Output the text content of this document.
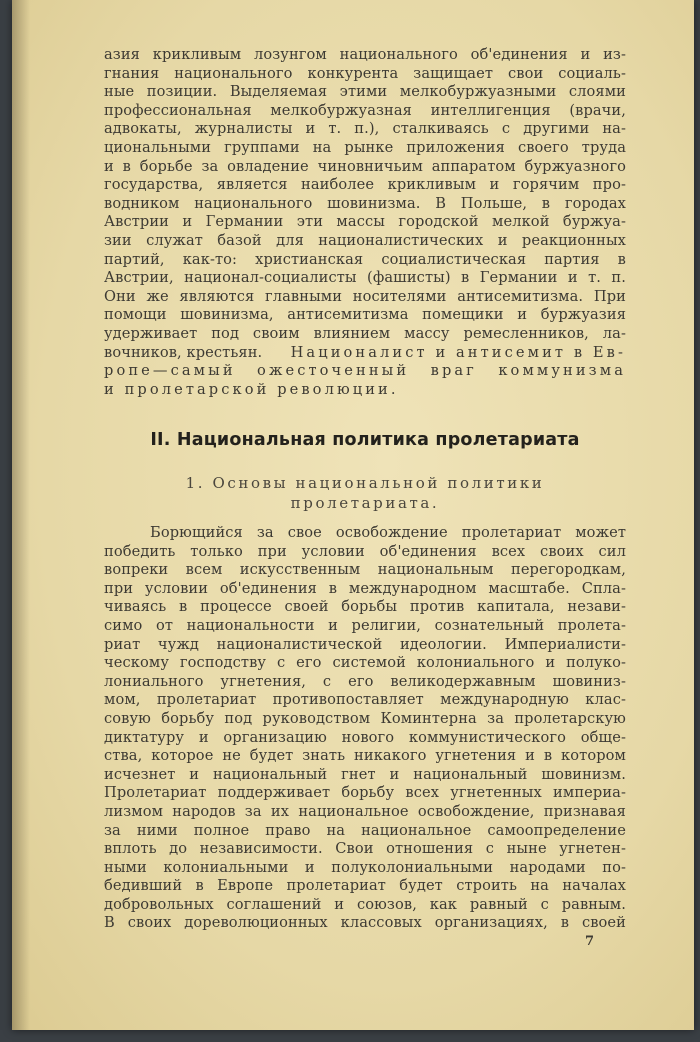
азия крикливым лозунгом национального об'единения и из-
гнания национального конкурента защищает свои социаль-
ные позиции. Выделяемая этими мелкобуржуазными слоями
профессиональная мелкобуржуазная интеллигенция (врачи,
адвокаты, журналисты и т. п.), сталкиваясь с другими на-
циональными группами на рынке приложения своего труда
и в борьбе за овладение чиновничьим аппаратом буржуазного
государства, является наиболее крикливым и горячим про-
водником национального шовинизма. В Польше, в городах
Австрии и Германии эти массы городской мелкой буржуа-
зии служат базой для националистических и реакционных
партий, как-то: христианская социалистическая партия в
Австрии, национал-социалисты (фашисты) в Германии и т. п.
Они же являются главными носителями антисемитизма. При
помощи шовинизма, антисемитизма помещики и буржуазия
удерживает под своим влиянием массу ремесленников, ла-
вочников, крестьян. Националист и антисемит в Ев-
ропе—самый ожесточенный враг коммунизма
и пролетарской революции.
II. Национальная политика пролетариата
1. Основы национальной политики
пролетариата.
Борющийся за свое освобождение пролетариат может
победить только при условии об'единения всех своих сил
вопреки всем искусственным национальным перегородкам,
при условии об'единения в международном масштабе. Спла-
чиваясь в процессе своей борьбы против капитала, незави-
симо от национальности и религии, сознательный пролета-
риат чужд националистической идеологии. Империалисти-
ческому господству с его системой колониального и полуко-
лониального угнетения, с его великодержавным шовиниз-
мом, пролетариат противопоставляет международную клас-
совую борьбу под руководством Коминтерна за пролетарскую
диктатуру и организацию нового коммунистического обще-
ства, которое не будет знать никакого угнетения и в котором
исчезнет и национальный гнет и национальный шовинизм.
Пролетариат поддерживает борьбу всех угнетенных империа-
лизмом народов за их национальное освобождение, признавая
за ними полное право на национальное самоопределение
вплоть до независимости. Свои отношения с ныне угнетен-
ными колониальными и полуколониальными народами по-
бедивший в Европе пролетариат будет строить на началах
добровольных соглашений и союзов, как равный с равным.
В своих дореволюционных классовых организациях, в своей
7
